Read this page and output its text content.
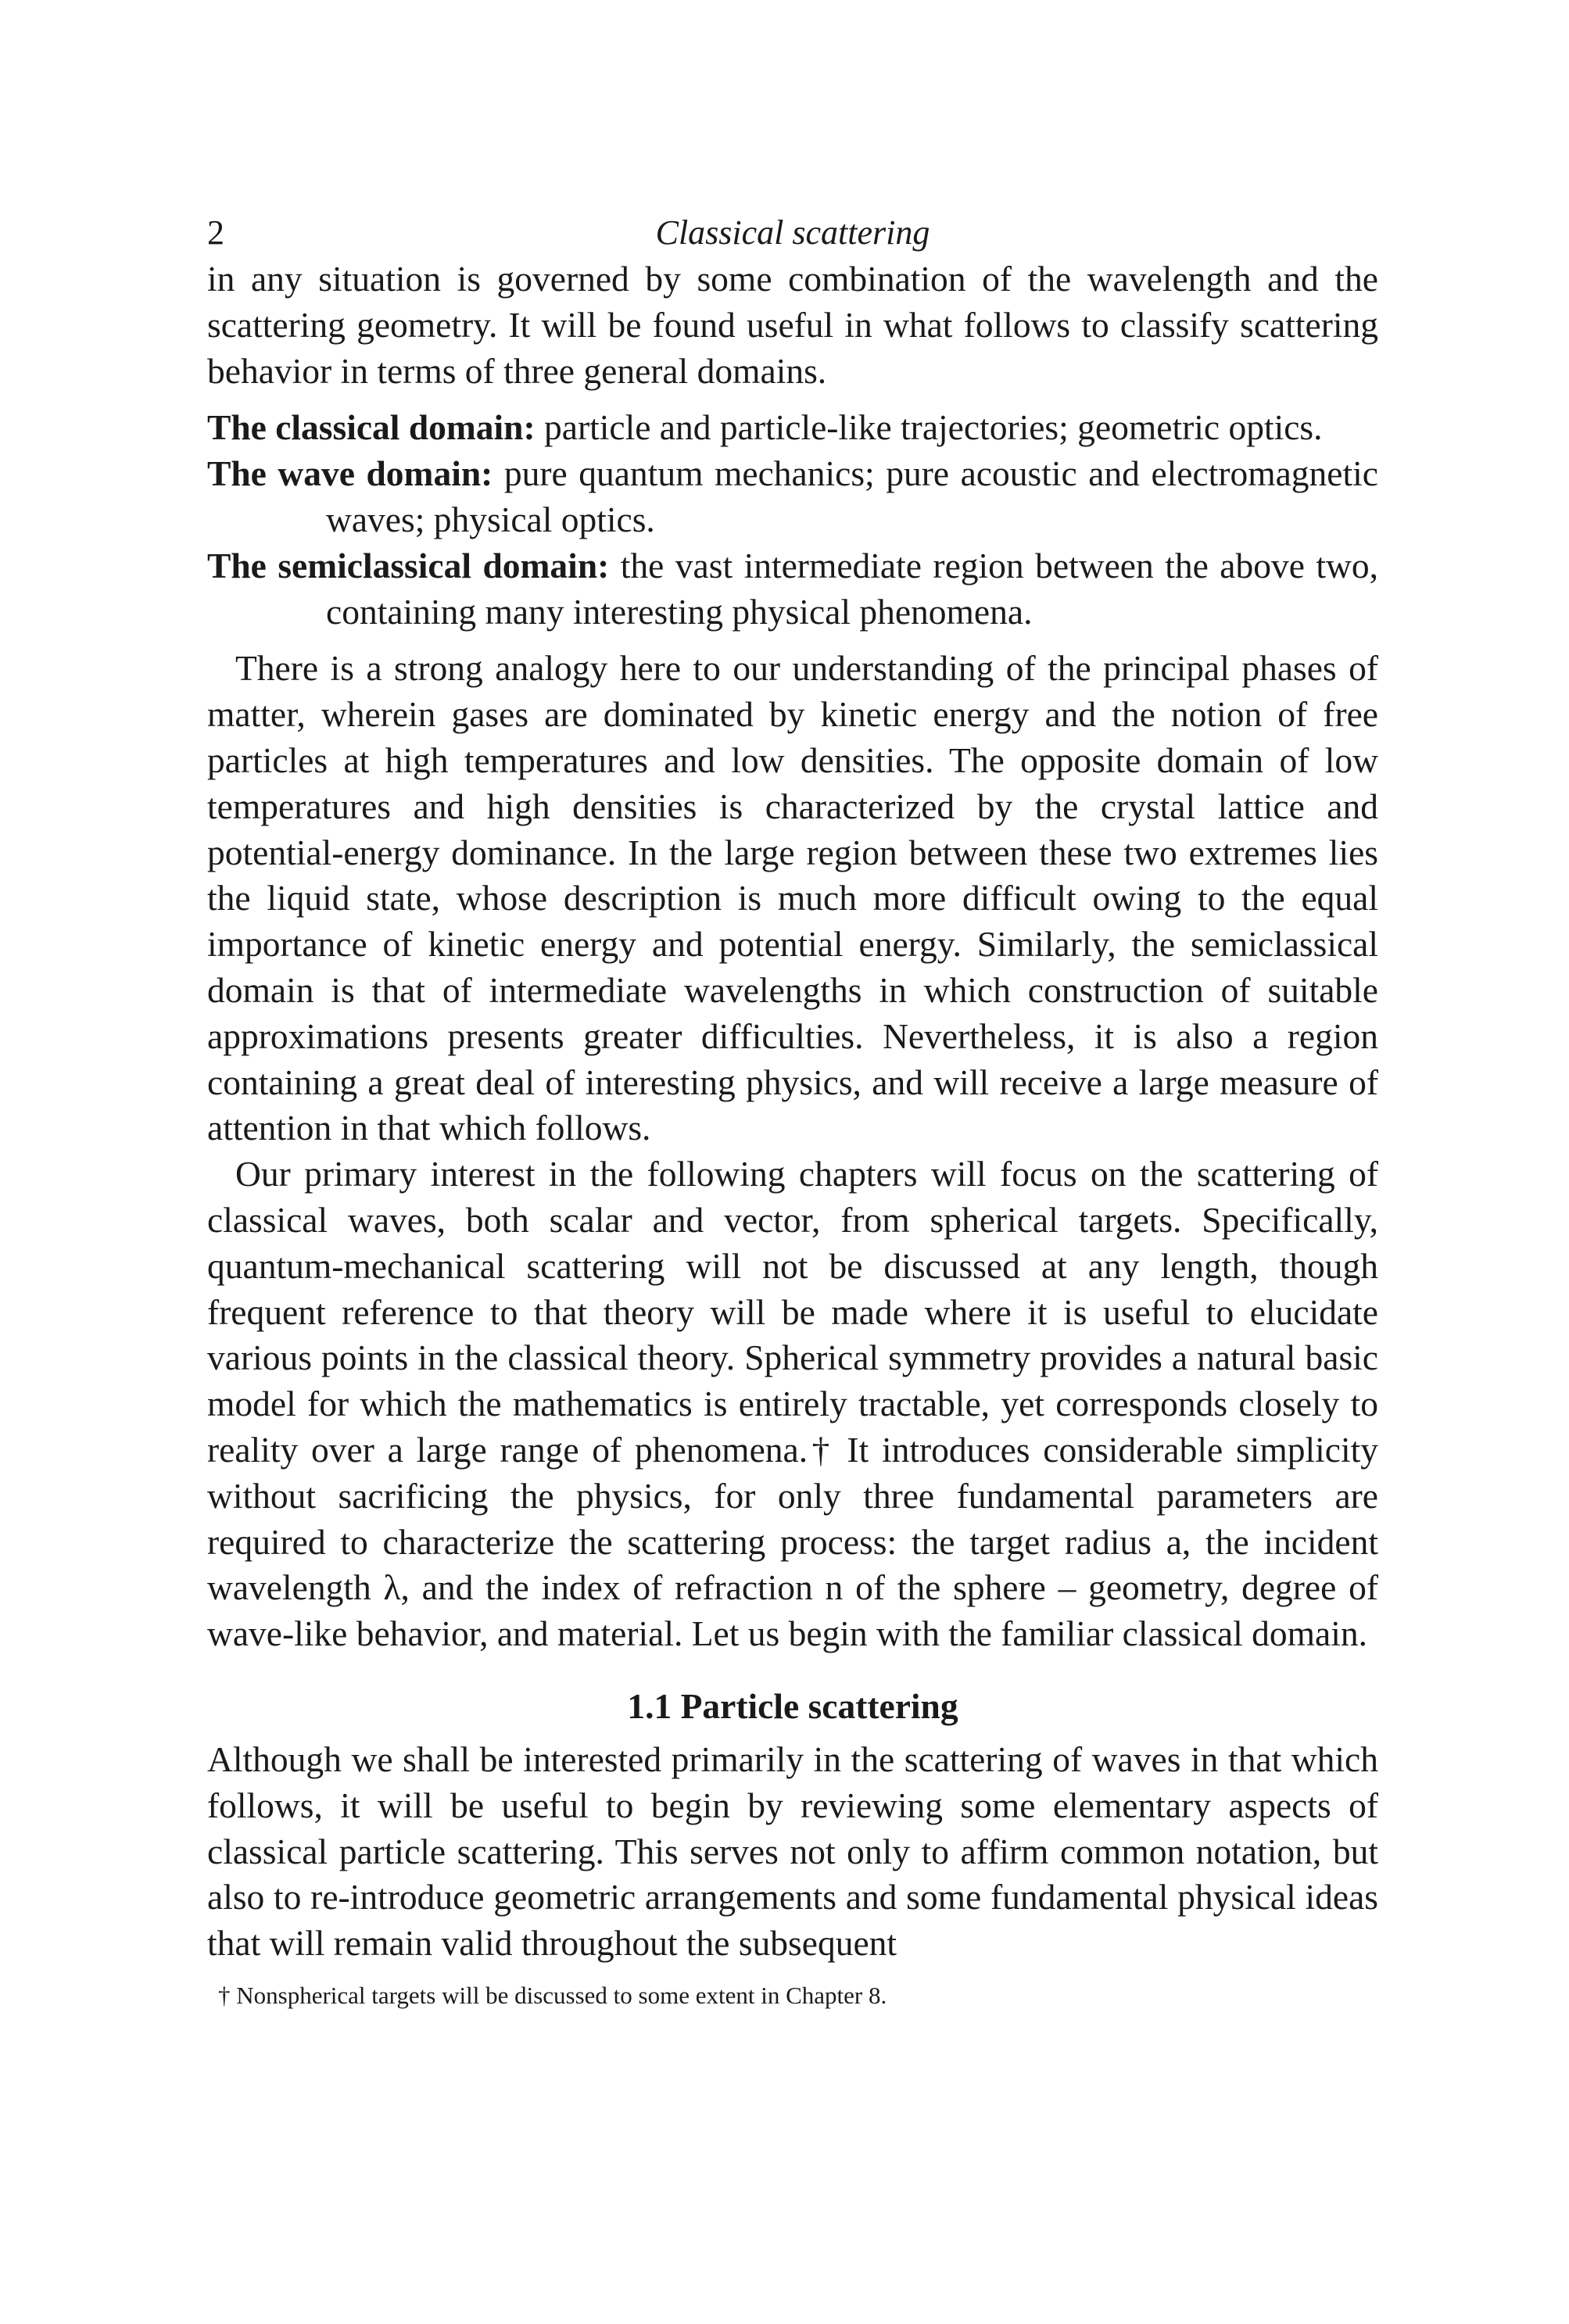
2	Classical scattering

in any situation is governed by some combination of the wavelength and the scattering geometry. It will be found useful in what follows to classify scattering behavior in terms of three general domains.

The classical domain: particle and particle-like trajectories; geometric optics.

The wave domain: pure quantum mechanics; pure acoustic and electromagnetic waves; physical optics.

The semiclassical domain: the vast intermediate region between the above two, containing many interesting physical phenomena.

There is a strong analogy here to our understanding of the principal phases of matter, wherein gases are dominated by kinetic energy and the notion of free particles at high temperatures and low densities. The opposite domain of low temperatures and high densities is characterized by the crystal lattice and potential-energy dominance. In the large region between these two extremes lies the liquid state, whose description is much more difficult owing to the equal importance of kinetic energy and potential energy. Similarly, the semiclassical domain is that of intermediate wavelengths in which construction of suitable approximations presents greater difficulties. Nevertheless, it is also a region containing a great deal of interesting physics, and will receive a large measure of attention in that which follows.

Our primary interest in the following chapters will focus on the scattering of classical waves, both scalar and vector, from spherical targets. Specifically, quantum-mechanical scattering will not be discussed at any length, though frequent reference to that theory will be made where it is useful to elucidate various points in the classical theory. Spherical symmetry provides a natural basic model for which the mathematics is entirely tractable, yet corresponds closely to reality over a large range of phenomena.† It introduces considerable simplicity without sacrificing the physics, for only three fundamental parameters are required to characterize the scattering process: the target radius a, the incident wavelength λ, and the index of refraction n of the sphere – geometry, degree of wave-like behavior, and material. Let us begin with the familiar classical domain.

1.1 Particle scattering

Although we shall be interested primarily in the scattering of waves in that which follows, it will be useful to begin by reviewing some elementary aspects of classical particle scattering. This serves not only to affirm common notation, but also to re-introduce geometric arrangements and some fundamental physical ideas that will remain valid throughout the subsequent

† Nonspherical targets will be discussed to some extent in Chapter 8.
